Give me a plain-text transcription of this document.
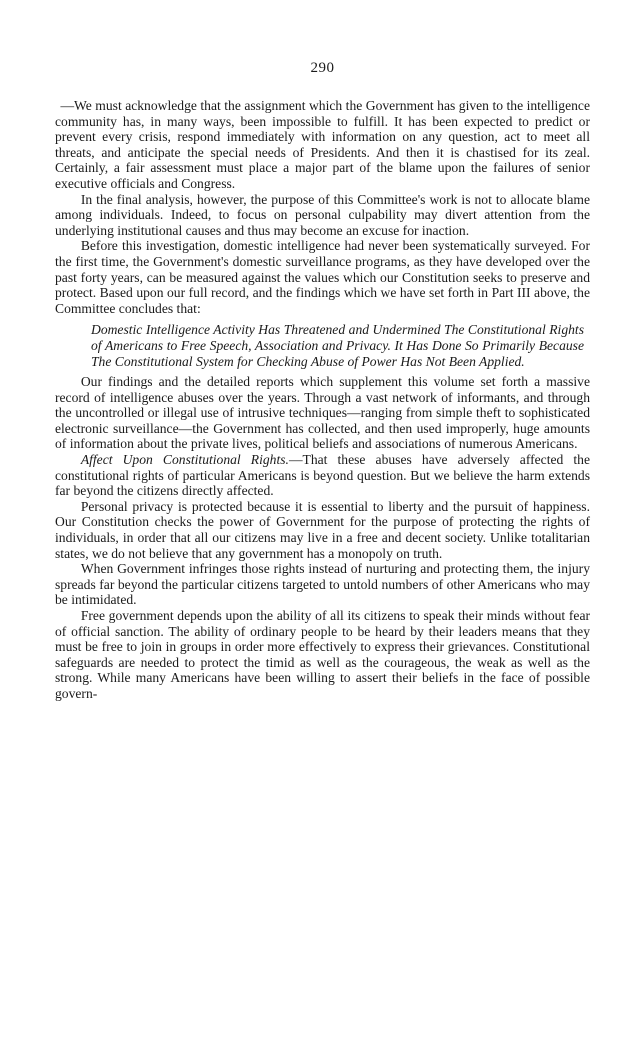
290

—We must acknowledge that the assignment which the Government has given to the intelligence community has, in many ways, been impossible to fulfill. It has been expected to predict or prevent every crisis, respond immediately with information on any question, act to meet all threats, and anticipate the special needs of Presidents. And then it is chastised for its zeal. Certainly, a fair assessment must place a major part of the blame upon the failures of senior executive officials and Congress.

In the final analysis, however, the purpose of this Committee's work is not to allocate blame among individuals. Indeed, to focus on personal culpability may divert attention from the underlying institutional causes and thus may become an excuse for inaction.

Before this investigation, domestic intelligence had never been systematically surveyed. For the first time, the Government's domestic surveillance programs, as they have developed over the past forty years, can be measured against the values which our Constitution seeks to preserve and protect. Based upon our full record, and the findings which we have set forth in Part III above, the Committee concludes that:

Domestic Intelligence Activity Has Threatened and Undermined The Constitutional Rights of Americans to Free Speech, Association and Privacy. It Has Done So Primarily Because The Constitutional System for Checking Abuse of Power Has Not Been Applied.

Our findings and the detailed reports which supplement this volume set forth a massive record of intelligence abuses over the years. Through a vast network of informants, and through the uncontrolled or illegal use of intrusive techniques—ranging from simple theft to sophisticated electronic surveillance—the Government has collected, and then used improperly, huge amounts of information about the private lives, political beliefs and associations of numerous Americans.

Affect Upon Constitutional Rights.—That these abuses have adversely affected the constitutional rights of particular Americans is beyond question. But we believe the harm extends far beyond the citizens directly affected.

Personal privacy is protected because it is essential to liberty and the pursuit of happiness. Our Constitution checks the power of Government for the purpose of protecting the rights of individuals, in order that all our citizens may live in a free and decent society. Unlike totalitarian states, we do not believe that any government has a monopoly on truth.

When Government infringes those rights instead of nurturing and protecting them, the injury spreads far beyond the particular citizens targeted to untold numbers of other Americans who may be intimidated.

Free government depends upon the ability of all its citizens to speak their minds without fear of official sanction. The ability of ordinary people to be heard by their leaders means that they must be free to join in groups in order more effectively to express their grievances. Constitutional safeguards are needed to protect the timid as well as the courageous, the weak as well as the strong. While many Americans have been willing to assert their beliefs in the face of possible govern-
